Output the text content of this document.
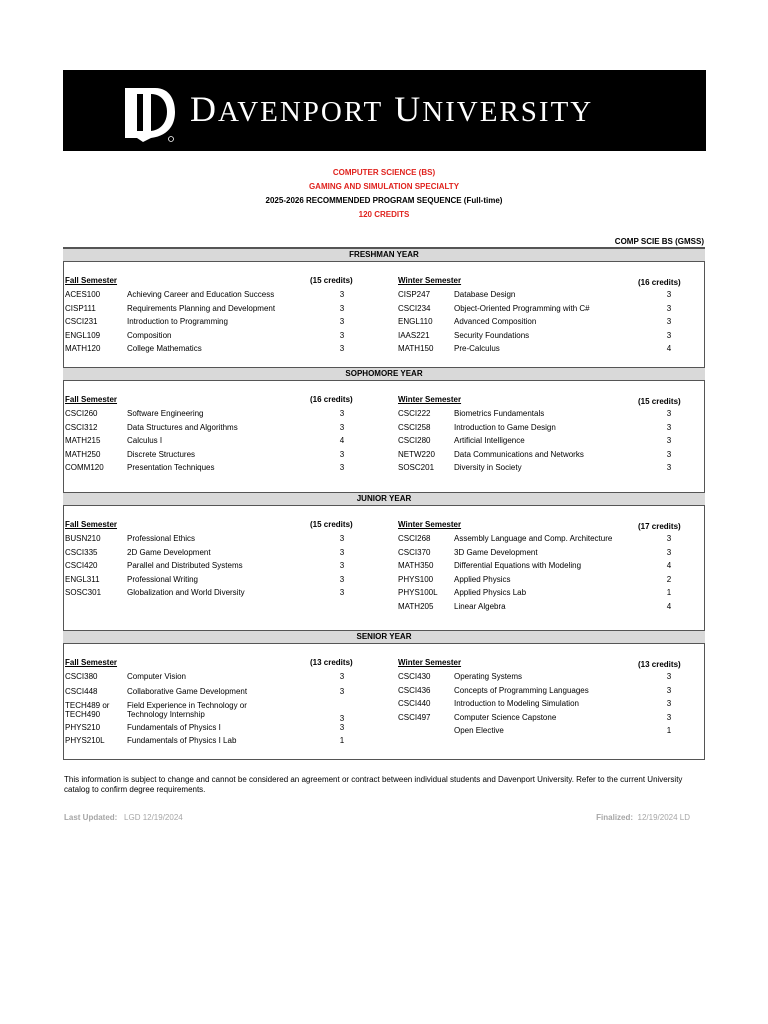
DAVENPORT UNIVERSITY
COMPUTER SCIENCE (BS)
GAMING AND SIMULATION SPECIALTY
2025-2026 RECOMMENDED PROGRAM SEQUENCE (Full-time)
120 CREDITS
COMP SCIE BS (GMSS)
FRESHMAN YEAR
Fall Semester	(15 credits)
ACES100	Achieving Career and Education Success	3
CISP111	Requirements Planning and Development	3
CSCI231	Introduction to Programming	3
ENGL109	Composition	3
MATH120	College Mathematics	3
Winter Semester	(16 credits)
CISP247	Database Design	3
CSCI234	Object-Oriented Programming with C#	3
ENGL110	Advanced Composition	3
IAAS221	Security Foundations	3
MATH150	Pre-Calculus	4
SOPHOMORE YEAR
Fall Semester	(16 credits)
CSCI260	Software Engineering	3
CSCI312	Data Structures and Algorithms	3
MATH215	Calculus I	4
MATH250	Discrete Structures	3
COMM120	Presentation Techniques	3
Winter Semester	(15 credits)
CSCI222	Biometrics Fundamentals	3
CSCI258	Introduction to Game Design	3
CSCI280	Artificial Intelligence	3
NETW220 Data Communications and Networks	3
SOSC201 Diversity in Society	3
JUNIOR YEAR
Fall Semester	(15 credits)
BUSN210	Professional Ethics	3
CSCI335	2D Game Development	3
CSCI420	Parallel and Distributed Systems	3
ENGL311	Professional Writing	3
SOSC301	Globalization and World Diversity	3
Winter Semester	(17 credits)
CSCI268	Assembly Language and Comp. Architecture	3
CSCI370	3D Game Development	3
MATH350	Differential Equations with Modeling	4
PHYS100	Applied Physics	2
PHYS100L Applied Physics Lab	1
MATH205	Linear Algebra	4
SENIOR YEAR
Fall Semester	(13 credits)
CSCI380	Computer Vision	3
CSCI448	Collaborative Game Development	3
TECH489 or
TECH490
Field Experience in Technology or
Technology Internship	3
PHYS210	Fundamentals of Physics I	3
PHYS210L	Fundamentals of Physics I Lab	1
Winter Semester	(13 credits)
CSCI430	Operating Systems	3
CSCI436	Concepts of Programming Languages	3
CSCI440	Introduction to Modeling Simulation	3
CSCI497	Computer Science Capstone	3
Open Elective	1
This information is subject to change and cannot be considered an agreement or contract between individual students and Davenport University. Refer to the current University catalog to confirm degree requirements.
Last Updated: LGD 12/19/2024	Finalized: 12/19/2024 LD
